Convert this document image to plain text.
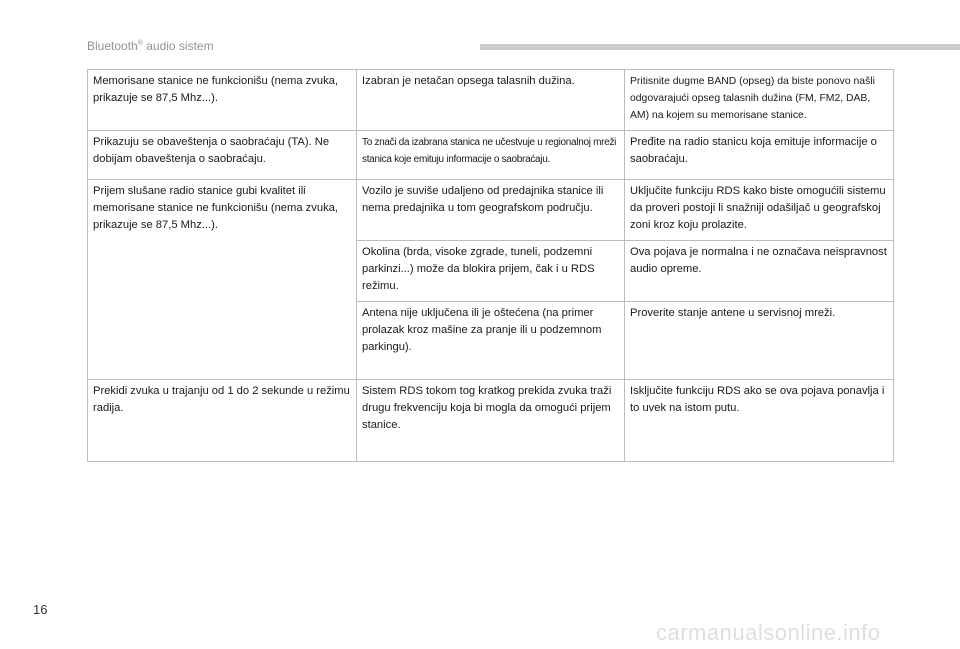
Bluetooth® audio sistem
Memorisane stanice ne funkcionišu (nema zvuka, prikazuje se 87,5 Mhz...).	Izabran je netačan opsega talasnih dužina.	Pritisnite dugme BAND (opseg) da biste ponovo našli odgovarajući opseg talasnih dužina (FM, FM2, DAB, AM) na kojem su memorisane stanice.
Prikazuju se obaveštenja o saobraćaju (TA). Ne dobijam obaveštenja o saobraćaju.	To znači da izabrana stanica ne učestvuje u regionalnoj mreži stanica koje emituju informacije o saobraćaju.	Pređite na radio stanicu koja emituje informacije o saobraćaju.
Prijem slušane radio stanice gubi kvalitet ili memorisane stanice ne funkcionišu (nema zvuka, prikazuje se 87,5 Mhz...).	Vozilo je suviše udaljeno od predajnika stanice ili nema predajnika u tom geografskom području.	Uključite funkciju RDS kako biste omogućili sistemu da proveri postoji li snažniji odašiljač u geografskoj zoni kroz koju prolazite.
	Okolina (brda, visoke zgrade, tuneli, podzemni parkinzi...) može da blokira prijem, čak i u RDS režimu.	Ova pojava je normalna i ne označava neispravnost audio opreme.
	Antena nije uključena ili je oštećena (na primer prolazak kroz mašine za pranje ili u podzemnom parkingu).	Proverite stanje antene u servisnoj mreži.
Prekidi zvuka u trajanju od 1 do 2 sekunde u režimu radija.	Sistem RDS tokom tog kratkog prekida zvuka traži drugu frekvenciju koja bi mogla da omogući prijem stanice.	Isključite funkciju RDS ako se ova pojava ponavlja i to uvek na istom putu.
16
carmanualsonline.info
